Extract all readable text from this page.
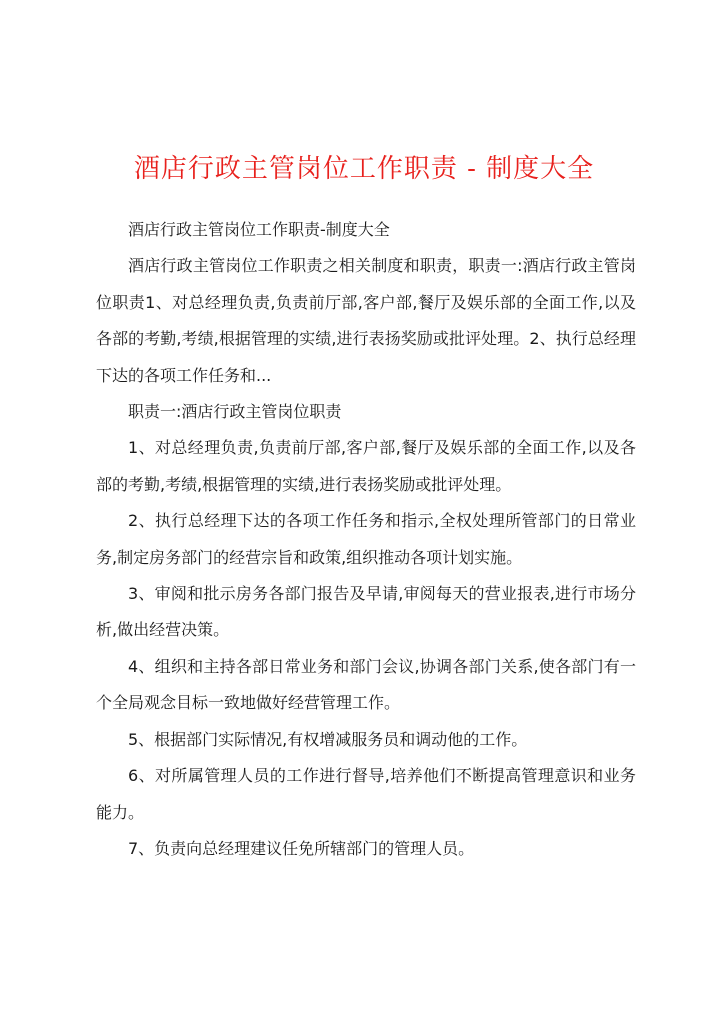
酒店行政主管岗位工作职责 - 制度大全

酒店行政主管岗位工作职责-制度大全

酒店行政主管岗位工作职责之相关制度和职责，职责一:酒店行政主管岗位职责1、对总经理负责,负责前厅部,客户部,餐厅及娱乐部的全面工作,以及各部的考勤,考绩,根据管理的实绩,进行表扬奖励或批评处理。2、执行总经理下达的各项工作任务和...

职责一:酒店行政主管岗位职责

1、对总经理负责,负责前厅部,客户部,餐厅及娱乐部的全面工作,以及各部的考勤,考绩,根据管理的实绩,进行表扬奖励或批评处理。

2、执行总经理下达的各项工作任务和指示,全权处理所管部门的日常业务,制定房务部门的经营宗旨和政策,组织推动各项计划实施。

3、审阅和批示房务各部门报告及早请,审阅每天的营业报表,进行市场分析,做出经营决策。

4、组织和主持各部日常业务和部门会议,协调各部门关系,使各部门有一个全局观念目标一致地做好经营管理工作。

5、根据部门实际情况,有权增减服务员和调动他的工作。

6、对所属管理人员的工作进行督导,培养他们不断提高管理意识和业务能力。

7、负责向总经理建议任免所辖部门的管理人员。
